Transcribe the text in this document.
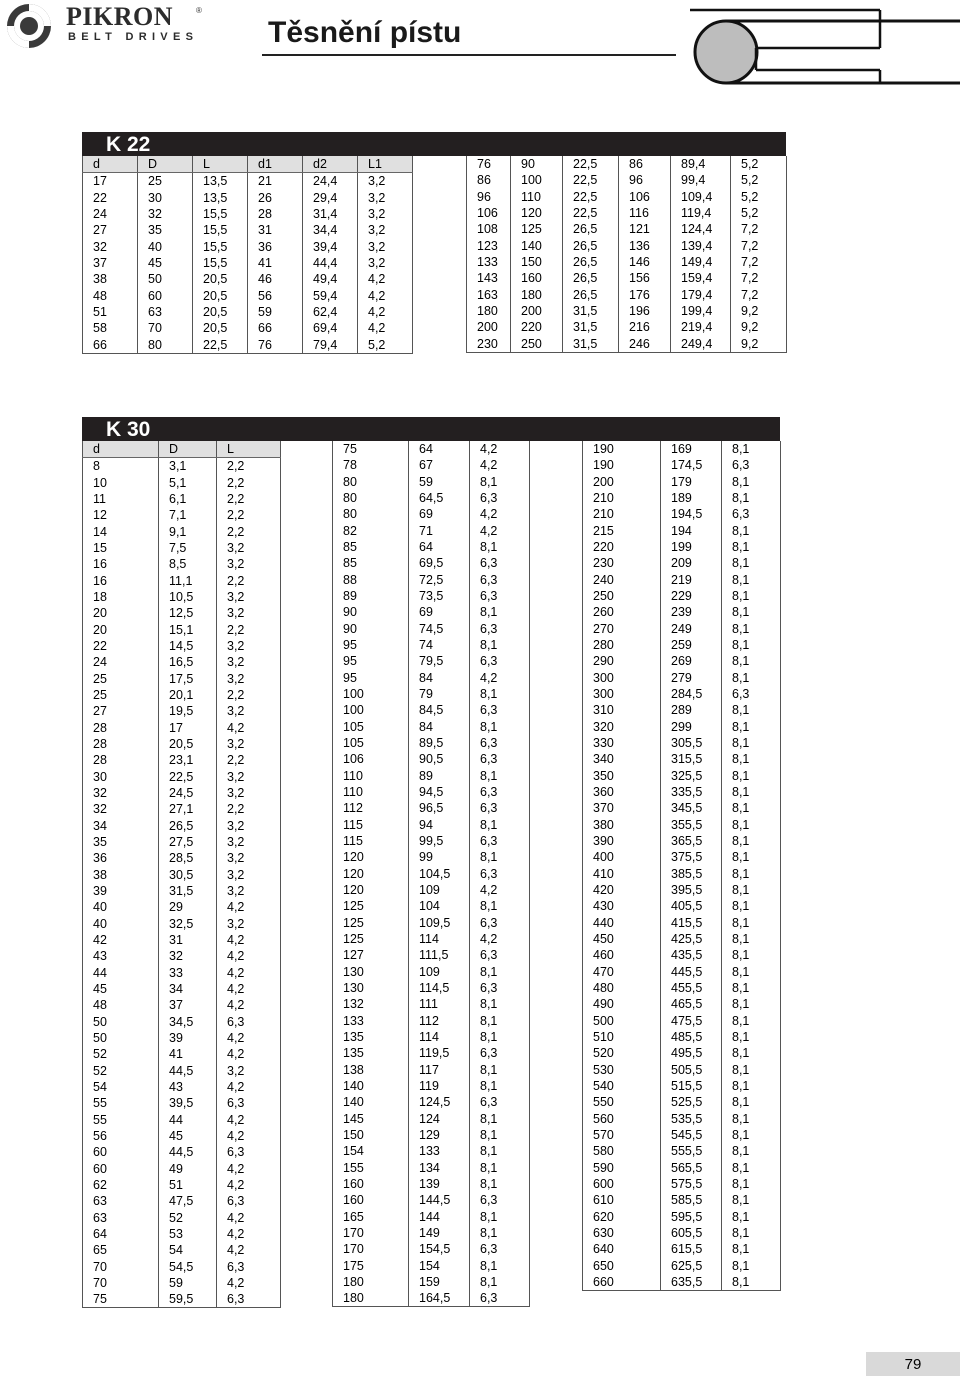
PIKRON	®
BELT DRIVES Těsnění pístu
K 22
d	D	L	d1	d2	L1
17	25	13,5	21	24,4	3,2
22	30	13,5	26	29,4	3,2
24	32	15,5	28	31,4	3,2
27	35	15,5	31	34,4	3,2
32	40	15,5	36	39,4	3,2
37	45	15,5	41	44,4	3,2
38	50	20,5	46	49,4	4,2
48	60	20,5	56	59,4	4,2
51	63	20,5	59	62,4	4,2
58	70	20,5	66	69,4	4,2
66	80	22,5	76	79,4	5,2
76	90	22,5	86	89,4	5,2
86	100	22,5	96	99,4	5,2
96	110	22,5	106	109,4	5,2
106	120	22,5	116	119,4	5,2
108	125	26,5	121	124,4	7,2
123	140	26,5	136	139,4	7,2
133	150	26,5	146	149,4	7,2
143	160	26,5	156	159,4	7,2
163	180	26,5	176	179,4	7,2
180	200	31,5	196	199,4	9,2
200	220	31,5	216	219,4	9,2
230	250	31,5	246	249,4	9,2
K 30
d	D	L
8	3,1	2,2
10	5,1	2,2
11	6,1	2,2
12	7,1	2,2
14	9,1	2,2
15	7,5	3,2
16	8,5	3,2
16	11,1	2,2
18	10,5	3,2
20	12,5	3,2
20	15,1	2,2
22	14,5	3,2
24	16,5	3,2
25	17,5	3,2
25	20,1	2,2
27	19,5	3,2
28	17	4,2
28	20,5	3,2
28	23,1	2,2
30	22,5	3,2
32	24,5	3,2
32	27,1	2,2
34	26,5	3,2
35	27,5	3,2
36	28,5	3,2
38	30,5	3,2
39	31,5	3,2
40	29	4,2
40	32,5	3,2
42	31	4,2
43	32	4,2
44	33	4,2
45	34	4,2
48	37	4,2
50	34,5	6,3
50	39	4,2
52	41	4,2
52	44,5	3,2
54	43	4,2
55	39,5	6,3
55	44	4,2
56	45	4,2
60	44,5	6,3
60	49	4,2
62	51	4,2
63	47,5	6,3
63	52	4,2
64	53	4,2
65	54	4,2
70	54,5	6,3
70	59	4,2
75	59,5	6,3
75	64	4,2
78	67	4,2
80	59	8,1
80	64,5	6,3
80	69	4,2
82	71	4,2
85	64	8,1
85	69,5	6,3
88	72,5	6,3
89	73,5	6,3
90	69	8,1
90	74,5	6,3
95	74	8,1
95	79,5	6,3
95	84	4,2
100	79	8,1
100	84,5	6,3
105	84	8,1
105	89,5	6,3
106	90,5	6,3
110	89	8,1
110	94,5	6,3
112	96,5	6,3
115	94	8,1
115	99,5	6,3
120	99	8,1
120	104,5	6,3
120	109	4,2
125	104	8,1
125	109,5	6,3
125	114	4,2
127	111,5	6,3
130	109	8,1
130	114,5	6,3
132	111	8,1
133	112	8,1
135	114	8,1
135	119,5	6,3
138	117	8,1
140	119	8,1
140	124,5	6,3
145	124	8,1
150	129	8,1
154	133	8,1
155	134	8,1
160	139	8,1
160	144,5	6,3
165	144	8,1
170	149	8,1
170	154,5	6,3
175	154	8,1
180	159	8,1
180	164,5	6,3
190	169	8,1
190	174,5	6,3
200	179	8,1
210	189	8,1
210	194,5	6,3
215	194	8,1
220	199	8,1
230	209	8,1
240	219	8,1
250	229	8,1
260	239	8,1
270	249	8,1
280	259	8,1
290	269	8,1
300	279	8,1
300	284,5	6,3
310	289	8,1
320	299	8,1
330	305,5	8,1
340	315,5	8,1
350	325,5	8,1
360	335,5	8,1
370	345,5	8,1
380	355,5	8,1
390	365,5	8,1
400	375,5	8,1
410	385,5	8,1
420	395,5	8,1
430	405,5	8,1
440	415,5	8,1
450	425,5	8,1
460	435,5	8,1
470	445,5	8,1
480	455,5	8,1
490	465,5	8,1
500	475,5	8,1
510	485,5	8,1
520	495,5	8,1
530	505,5	8,1
540	515,5	8,1
550	525,5	8,1
560	535,5	8,1
570	545,5	8,1
580	555,5	8,1
590	565,5	8,1
600	575,5	8,1
610	585,5	8,1
620	595,5	8,1
630	605,5	8,1
640	615,5	8,1
650	625,5	8,1
660	635,5	8,1
79
